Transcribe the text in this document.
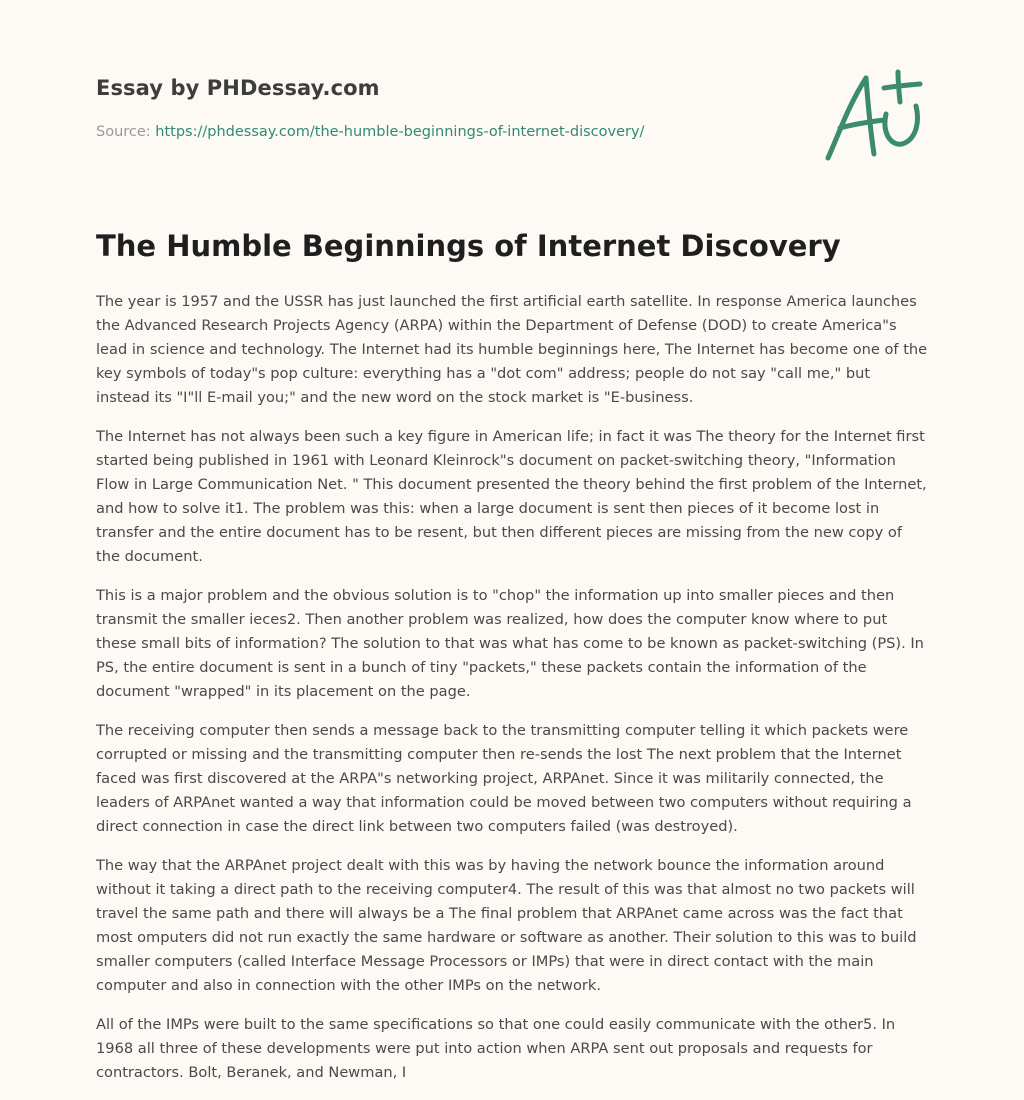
Essay by PHDessay.com

Source: https://phdessay.com/the-humble-beginnings-of-internet-discovery/

The Humble Beginnings of Internet Discovery

The year is 1957 and the USSR has just launched the first artificial earth satellite. In response America launches the Advanced Research Projects Agency (ARPA) within the Department of Defense (DOD) to create America"s lead in science and technology. The Internet had its humble beginnings here, The Internet has become one of the key symbols of today"s pop culture: everything has a "dot com" address; people do not say "call me," but instead its "I"ll E-mail you;" and the new word on the stock market is "E-business.

The Internet has not always been such a key figure in American life; in fact it was The theory for the Internet first started being published in 1961 with Leonard Kleinrock"s document on packet-switching theory, "Information Flow in Large Communication Net. " This document presented the theory behind the first problem of the Internet, and how to solve it1. The problem was this: when a large document is sent then pieces of it become lost in transfer and the entire document has to be resent, but then different pieces are missing from the new copy of the document.

This is a major problem and the obvious solution is to "chop" the information up into smaller pieces and then transmit the smaller ieces2. Then another problem was realized, how does the computer know where to put these small bits of information? The solution to that was what has come to be known as packet-switching (PS). In PS, the entire document is sent in a bunch of tiny "packets," these packets contain the information of the document "wrapped" in its placement on the page.

The receiving computer then sends a message back to the transmitting computer telling it which packets were corrupted or missing and the transmitting computer then re-sends the lost The next problem that the Internet faced was first discovered at the ARPA"s networking project, ARPAnet. Since it was militarily connected, the leaders of ARPAnet wanted a way that information could be moved between two computers without requiring a direct connection in case the direct link between two computers failed (was destroyed).

The way that the ARPAnet project dealt with this was by having the network bounce the information around without it taking a direct path to the receiving computer4. The result of this was that almost no two packets will travel the same path and there will always be a The final problem that ARPAnet came across was the fact that most omputers did not run exactly the same hardware or software as another. Their solution to this was to build smaller computers (called Interface Message Processors or IMPs) that were in direct contact with the main computer and also in connection with the other IMPs on the network.

All of the IMPs were built to the same specifications so that one could easily communicate with the other5. In 1968 all three of these developments were put into action when ARPA sent out proposals and requests for contractors. Bolt, Beranek, and Newman, I
